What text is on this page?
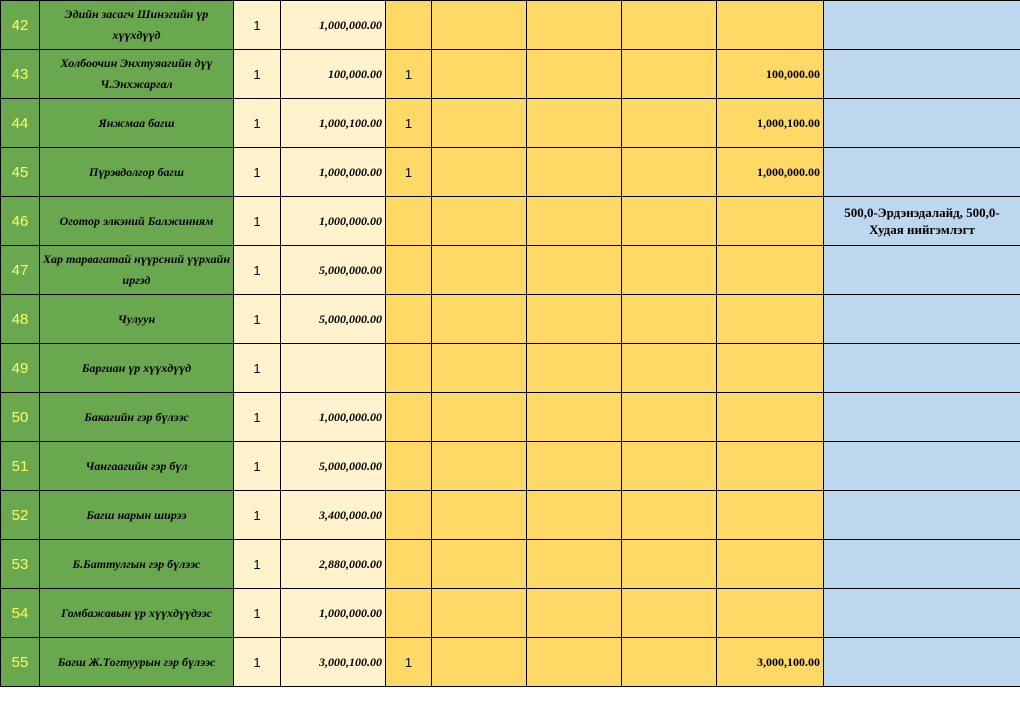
42	Эдийн засагч Шинэгийн үр хүүхдүүд	1	1,000,000.00						
43	Холбоочин Энхтуяагийн дүү Ч.Энхжаргал	1	100,000.00	1				100,000.00	
44	Янжмаа багш	1	1,000,100.00	1				1,000,100.00	
45	Пүрэвдолгор багш	1	1,000,000.00	1				1,000,000.00	
46	Оготор элкэний Балжинням	1	1,000,000.00						500,0-Эрдэнэдалайд, 500,0-Худая нийгэмлэгт
47	Хар тарвагатай нүүрсний үүрхайн иргэд	1	5,000,000.00						
48	Чулуун	1	5,000,000.00						
49	Баргиан үр хүүхдүүд	1							
50	Бакагийн гэр бүлээс	1	1,000,000.00						
51	Чангаагийн гэр бүл	1	5,000,000.00						
52	Багш нарын ширээ	1	3,400,000.00						
53	Б.Баттулгын гэр бүлээс	1	2,880,000.00						
54	Гомбажавын үр хүүхдүүдээс	1	1,000,000.00						
55	Багш Ж.Тогтуурын гэр бүлээс	1	3,000,100.00	1				3,000,100.00	
